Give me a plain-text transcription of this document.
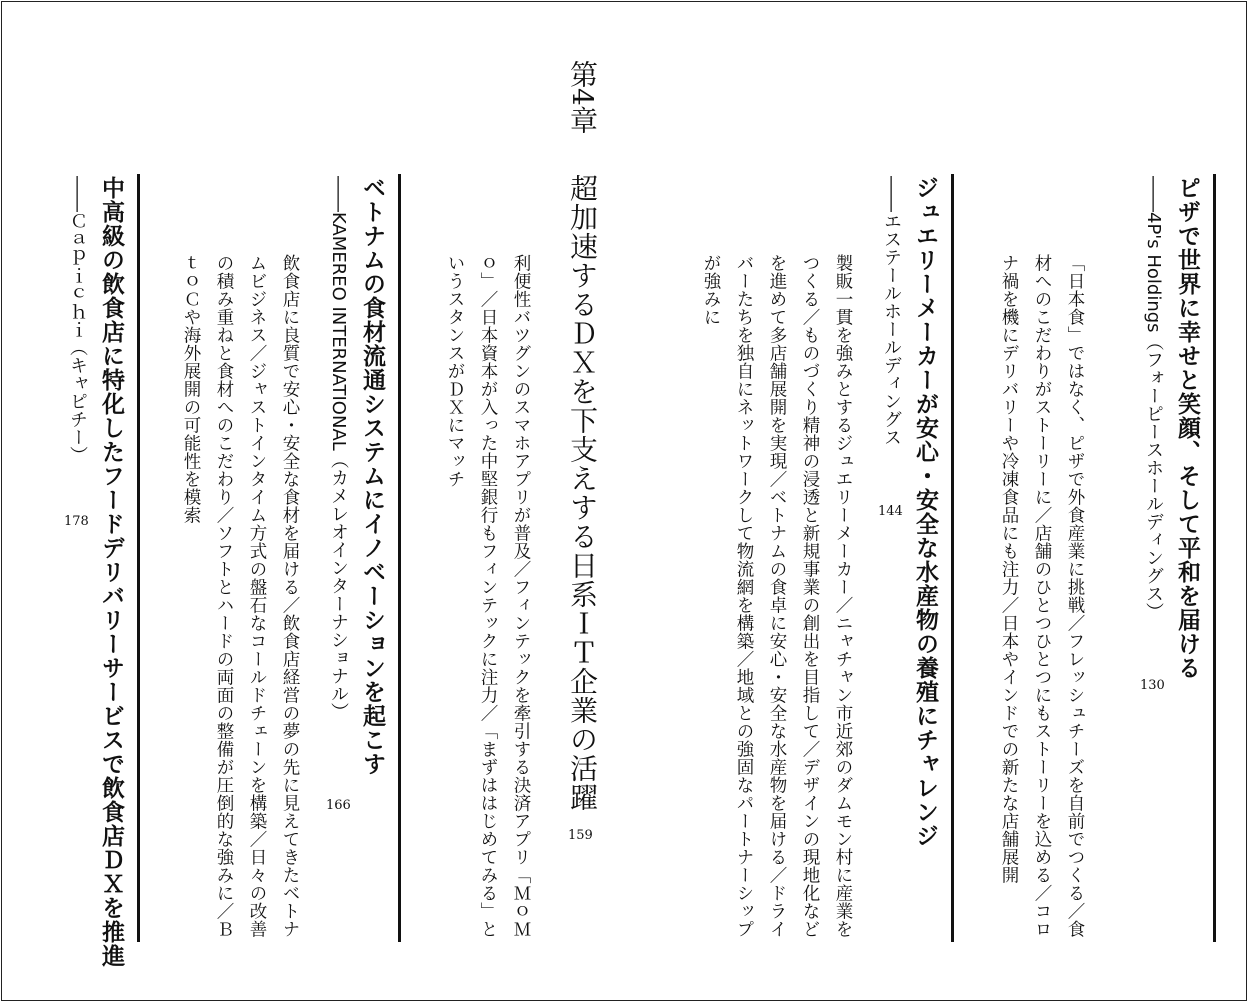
ピザで世界に幸せと笑顔、そして平和を届ける
――4P's Holdings（フォーピースホールディングス）
130
「日本食」ではなく、ピザで外食産業に挑戦／フレッシュチーズを自前でつくる／食材へのこだわりがストーリーに／店舗のひとつひとつにもストーリーを込める／コロナ禍を機にデリバリーや冷凍食品にも注力／日本やインドでの新たな店舗展開
ジュエリーメーカーが安心・安全な水産物の養殖にチャレンジ
――エステールホールディングス
144
製販一貫を強みとするジュエリーメーカー／ニャチャン市近郊のダムモン村に産業をつくる／ものづくり精神の浸透と新規事業の創出を目指して／デザインの現地化などを進めて多店舗展開を実現／ベトナムの食卓に安心・安全な水産物を届ける／ドライバーたちを独自にネットワークして物流網を構築／地域との強固なパートナーシップが強みに
第4章
超加速するＤＸを下支えする日系ＩＴ企業の活躍
159
利便性バツグンのスマホアプリが普及／フィンテックを牽引する決済アプリ「ＭｏＭｏ」／日本資本が入った中堅銀行もフィンテックに注力／「まずははじめてみる」というスタンスがＤＸにマッチ
ベトナムの食材流通システムにイノベーションを起こす
――KAMEREO INTERNATIONAL（カメレオインターナショナル）
166
飲食店に良質で安心・安全な食材を届ける／飲食店経営の夢の先に見えてきたベトナムビジネス／ジャストインタイム方式の盤石なコールドチェーンを構築／日々の改善の積み重ねと食材へのこだわり／ソフトとハードの両面の整備が圧倒的な強みに／ＢｔｏＣや海外展開の可能性を模索
中高級の飲食店に特化したフードデリバリーサービスで飲食店ＤＸを推進
――Ｃａｐｉｃｈｉ（キャピチー）
178
